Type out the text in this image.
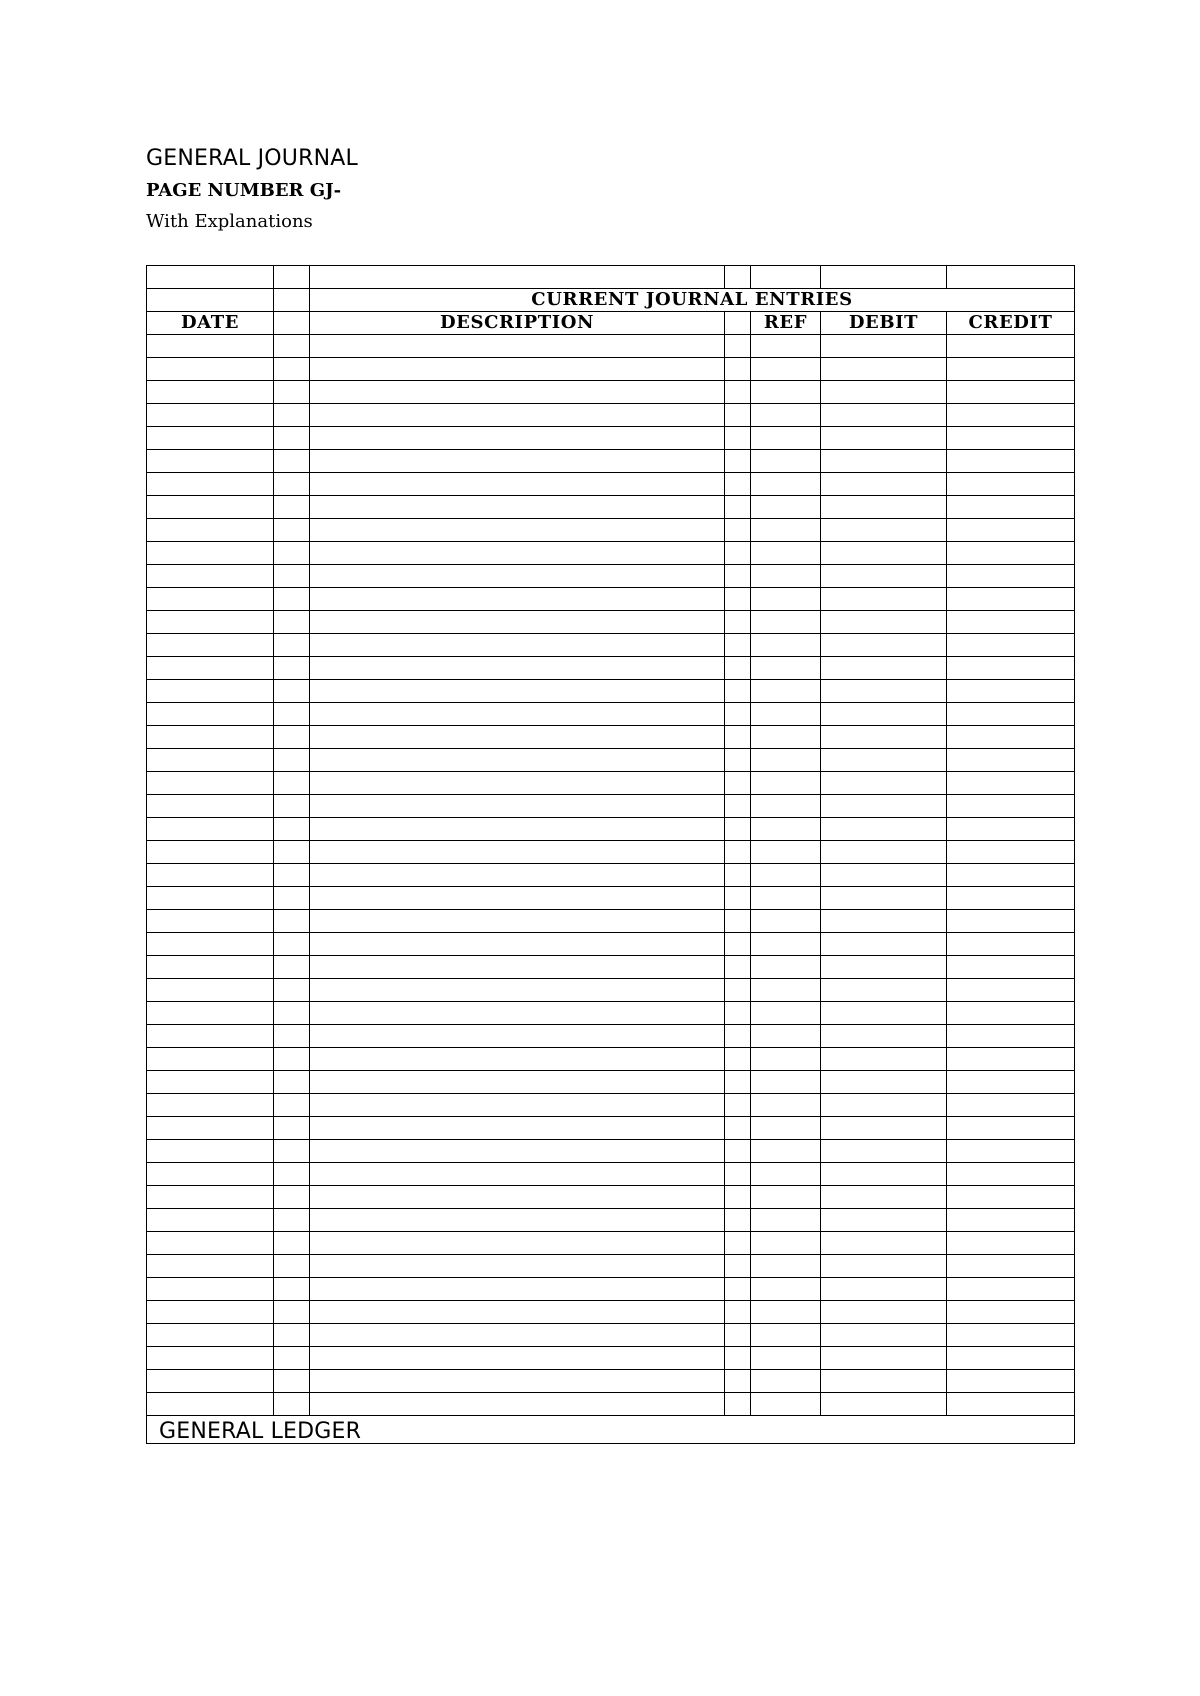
GENERAL JOURNAL
PAGE NUMBER GJ-
With Explanations

		CURRENT JOURNAL ENTRIES				
DATE		DESCRIPTION		REF	DEBIT	CREDIT

GENERAL LEDGER						
